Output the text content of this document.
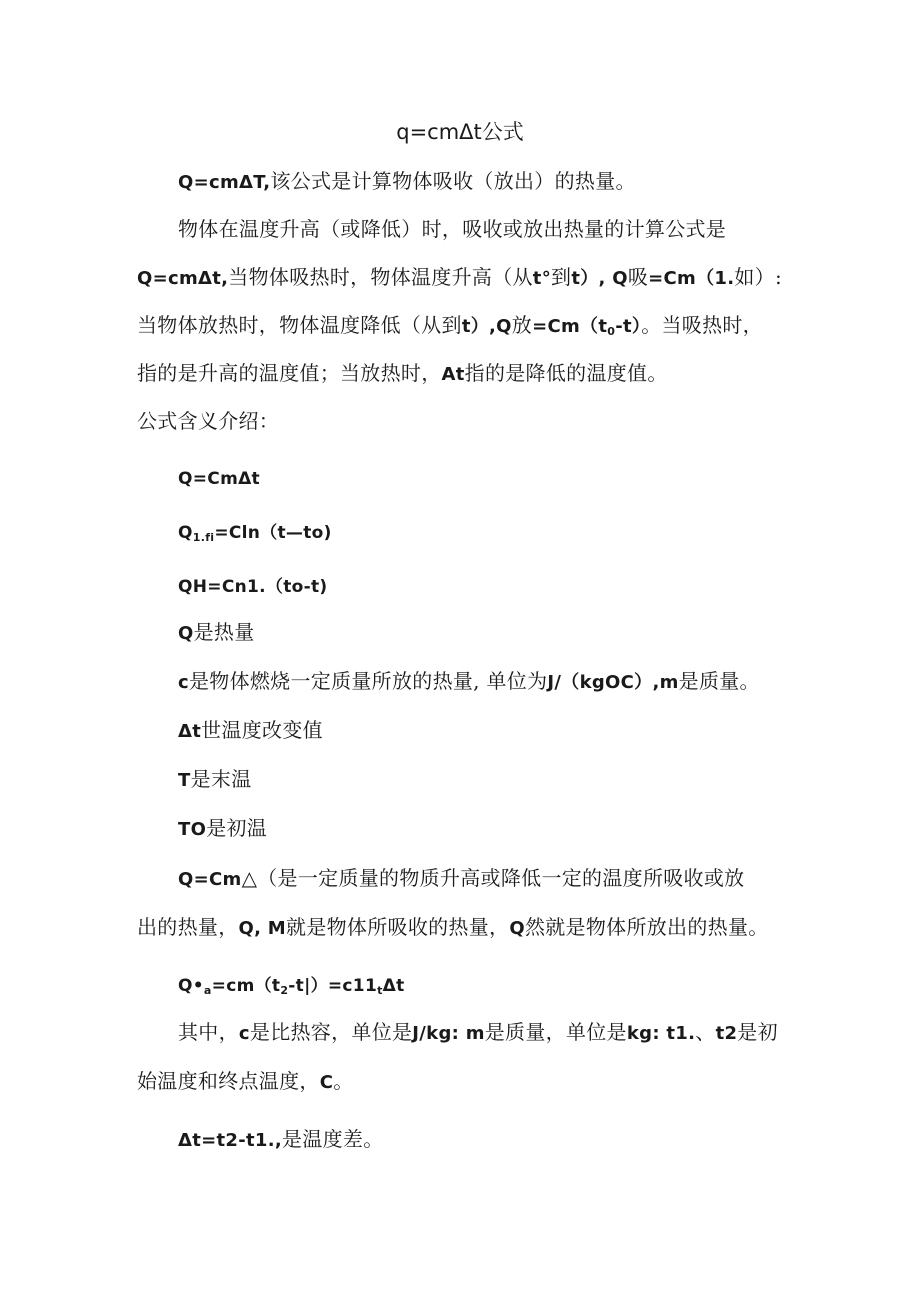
q=cmΔt公式
Q=cmΔT,该公式是计算物体吸收（放出）的热量。
物体在温度升高（或降低）时，吸收或放出热量的计算公式是
Q=cmΔt,当物体吸热时，物体温度升高（从t°到t）, Q吸=Cm（1.如）:
当物体放热时，物体温度降低（从到t）,Q放$=Cm(t_0-t)$。当吸热时，
指的是升高的温度值；当放热时，At指的是降低的温度值。
公式含义介绍：
Q=CmΔt
$Q_{1.fi}=Cln(t—to)$
QH=Cn1.（to-t)
Q是热量
c是物体燃烧一定质量所放的热量, 单位为J/（kgOC）,m是质量。
Δt世温度改变值
T是末温
TO是初温
Q=Cm△（是一定质量的物质升高或降低一定的温度所吸收或放
出的热量，Q, M就是物体所吸收的热量，Q然就是物体所放出的热量。
$Q•_a=cm(t_2-t|)=c11_t\Delta t$
其中，c是比热容，单位是J/kg: m是质量，单位是kg: t1.、t2是初
始温度和终点温度，C。
Δt=t2-t1.,是温度差。
